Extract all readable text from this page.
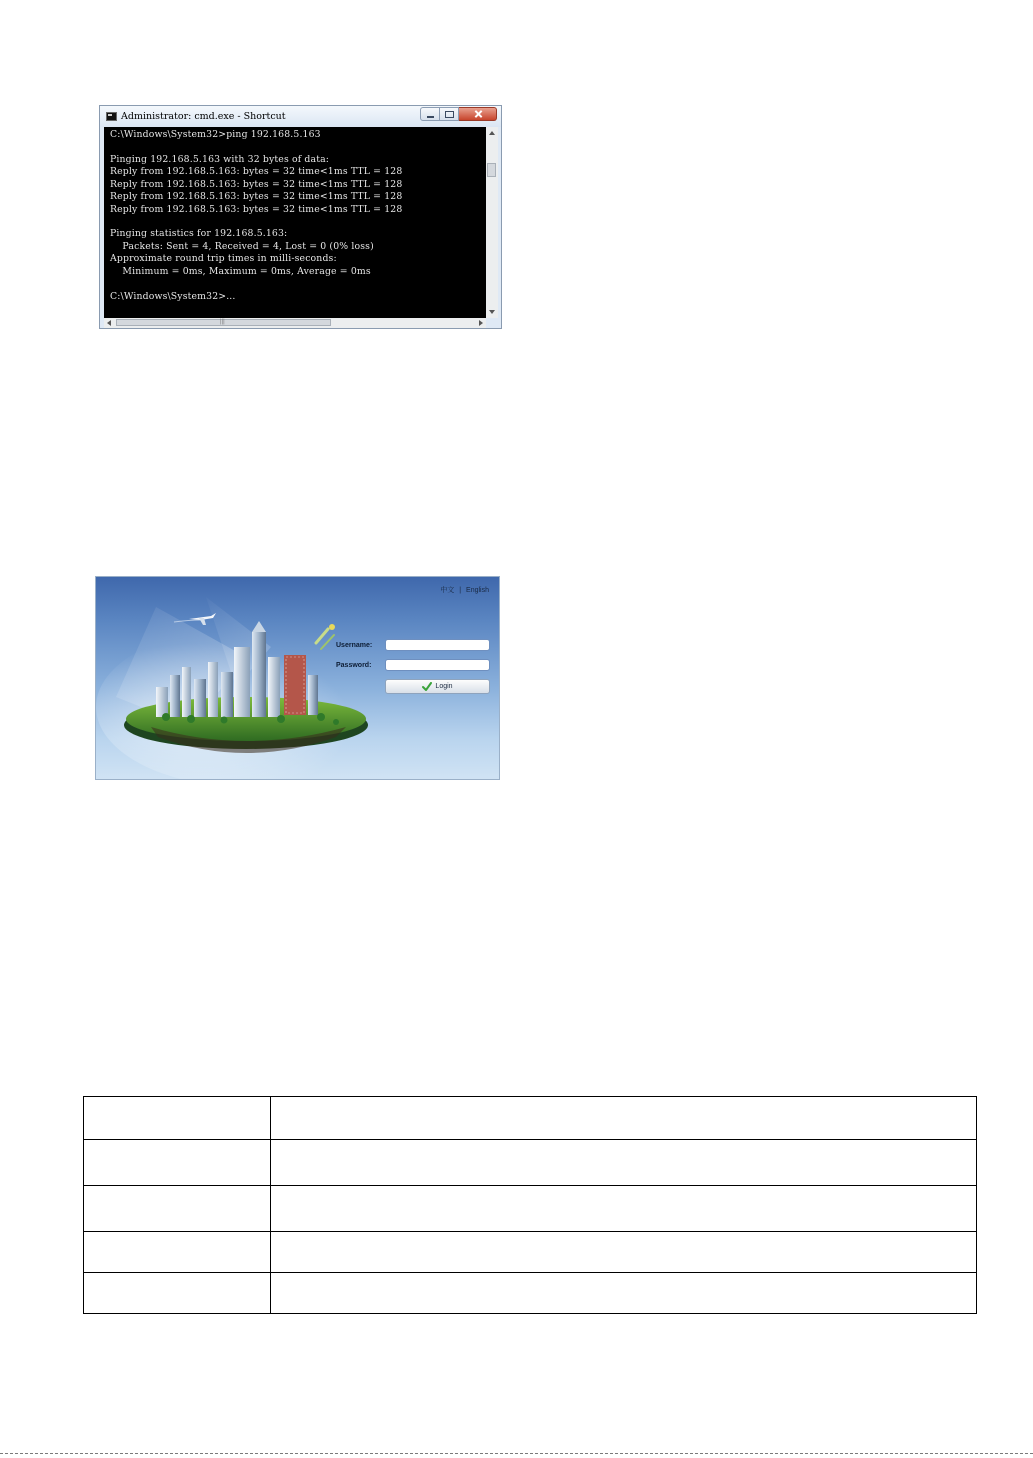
Administrator: cmd.exe - Shortcut
C:\Windows\System32>ping 192.168.5.163
Pinging 192.168.5.163 with 32 bytes of data:
Reply from 192.168.5.163: bytes = 32 time<1ms TTL = 128
Reply from 192.168.5.163: bytes = 32 time<1ms TTL = 128
Reply from 192.168.5.163: bytes = 32 time<1ms TTL = 128
Reply from 192.168.5.163: bytes = 32 time<1ms TTL = 128
Pinging statistics for 192.168.5.163:
Packets: Sent = 4, Received = 4, Lost = 0 (0% loss)
Approximate round trip times in milli-seconds:
Minimum = 0ms, Maximum = 0ms, Average = 0ms
C:\Windows\System32>...
|||
中文 | English
Username:
Password:
Login
